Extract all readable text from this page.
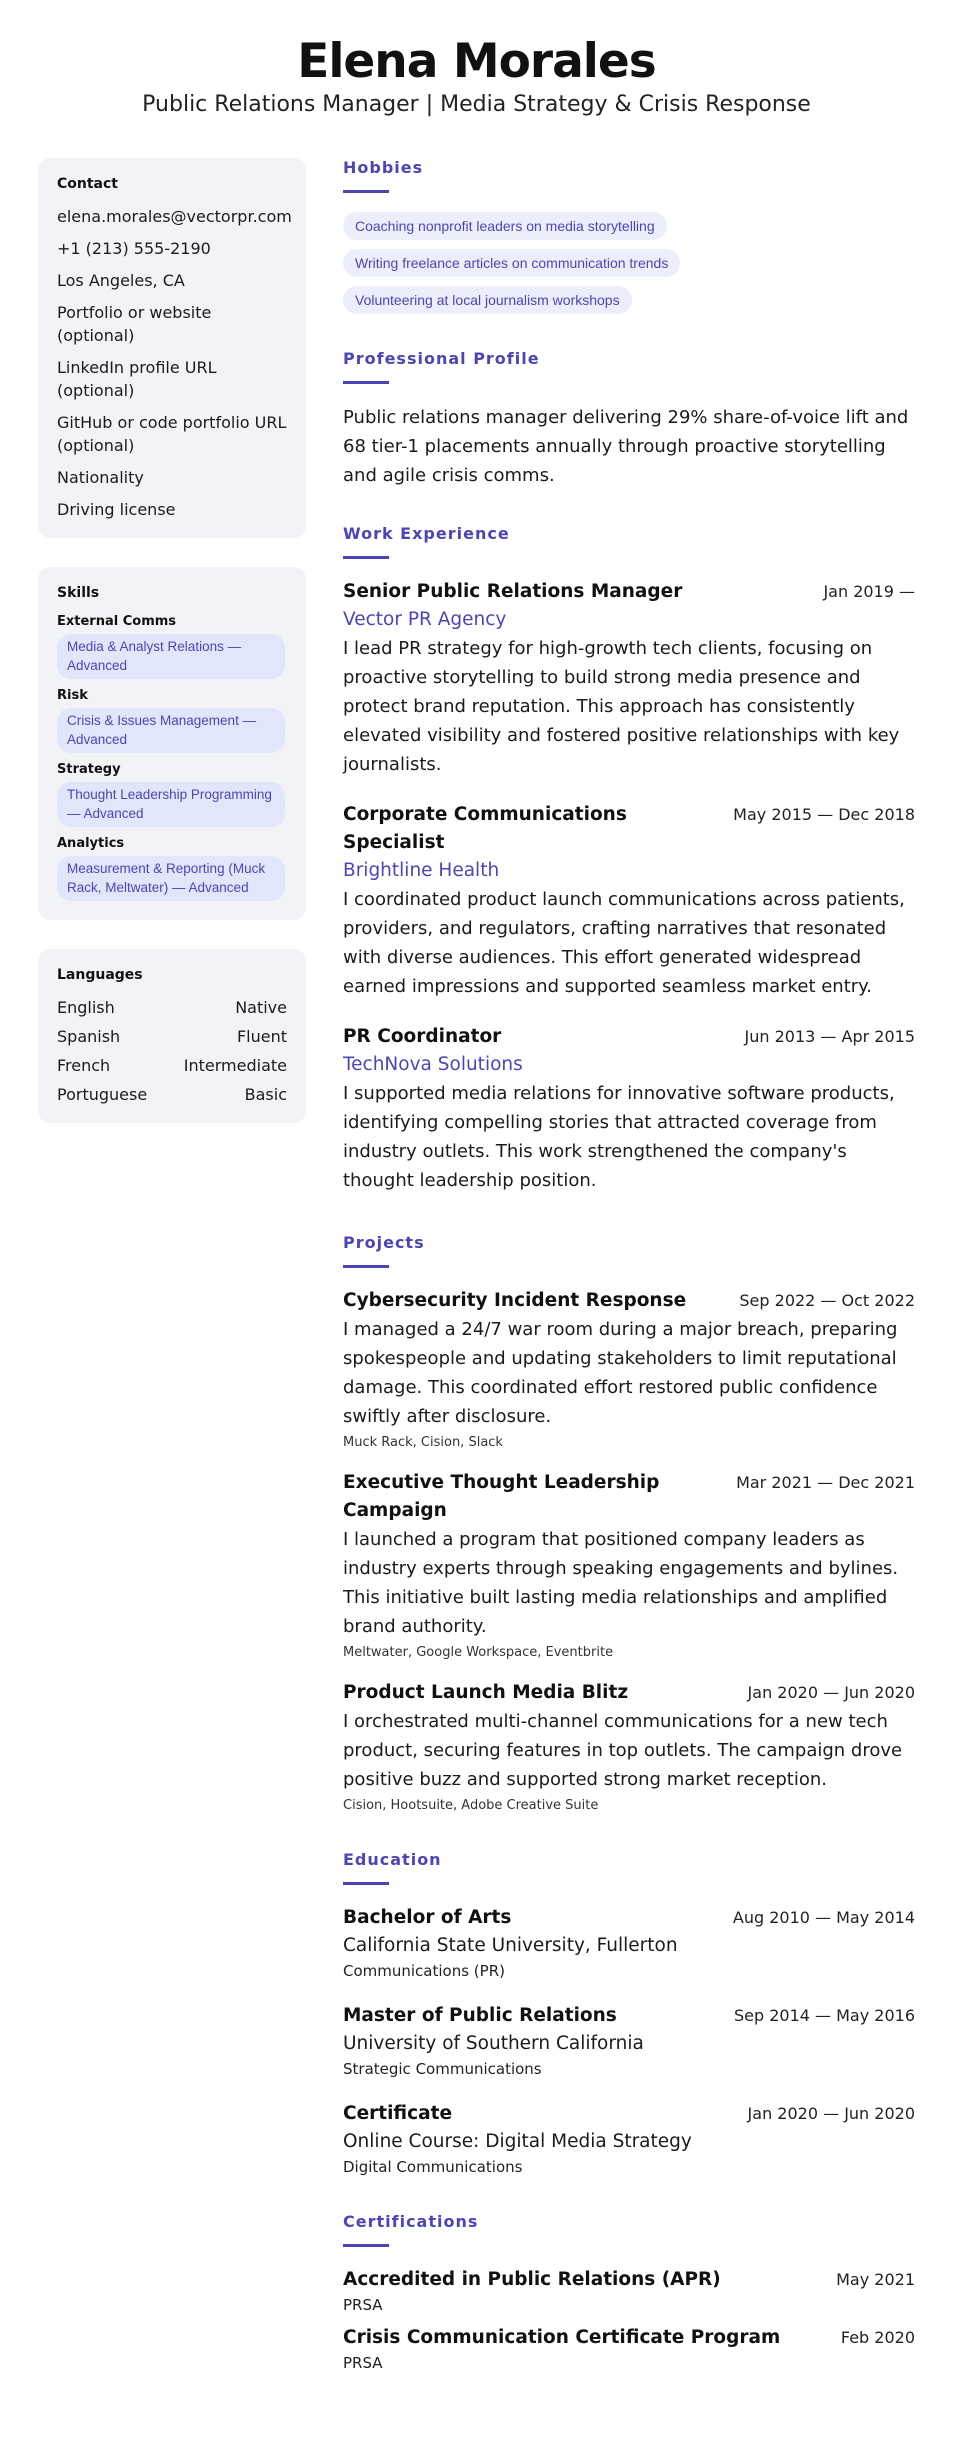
Elena Morales
Public Relations Manager | Media Strategy & Crisis Response
Contact
elena.morales@vectorpr.com
+1 (213) 555-2190
Los Angeles, CA
Portfolio or website (optional)
LinkedIn profile URL (optional)
GitHub or code portfolio URL (optional)
Nationality
Driving license
Skills
External Comms
Media & Analyst Relations — Advanced
Risk
Crisis & Issues Management — Advanced
Strategy
Thought Leadership Programming — Advanced
Analytics
Measurement & Reporting (Muck Rack, Meltwater) — Advanced
Languages
English	Native
Spanish	Fluent
French	Intermediate
Portuguese	Basic
Hobbies
Coaching nonprofit leaders on media storytelling
Writing freelance articles on communication trends
Volunteering at local journalism workshops
Professional Profile
Public relations manager delivering 29% share-of-voice lift and 68 tier-1 placements annually through proactive storytelling and agile crisis comms.
Work Experience
Senior Public Relations Manager	Jan 2019 —
Vector PR Agency
I lead PR strategy for high-growth tech clients, focusing on proactive storytelling to build strong media presence and protect brand reputation. This approach has consistently elevated visibility and fostered positive relationships with key journalists.
Corporate Communications Specialist
May 2015 — Dec 2018
Brightline Health
I coordinated product launch communications across patients, providers, and regulators, crafting narratives that resonated with diverse audiences. This effort generated widespread earned impressions and supported seamless market entry.
PR Coordinator	Jun 2013 — Apr 2015
TechNova Solutions
I supported media relations for innovative software products, identifying compelling stories that attracted coverage from industry outlets. This work strengthened the company's thought leadership position.
Projects
Cybersecurity Incident Response	Sep 2022 — Oct 2022
I managed a 24/7 war room during a major breach, preparing spokespeople and updating stakeholders to limit reputational damage. This coordinated effort restored public confidence swiftly after disclosure.
Muck Rack, Cision, Slack
Executive Thought Leadership Campaign
Mar 2021 — Dec 2021
I launched a program that positioned company leaders as industry experts through speaking engagements and bylines. This initiative built lasting media relationships and amplified brand authority.
Meltwater, Google Workspace, Eventbrite
Product Launch Media Blitz	Jan 2020 — Jun 2020
I orchestrated multi-channel communications for a new tech product, securing features in top outlets. The campaign drove positive buzz and supported strong market reception.
Cision, Hootsuite, Adobe Creative Suite
Education
Bachelor of Arts	Aug 2010 — May 2014
California State University, Fullerton
Communications (PR)
Master of Public Relations	Sep 2014 — May 2016
University of Southern California
Strategic Communications
Certificate	Jan 2020 — Jun 2020
Online Course: Digital Media Strategy
Digital Communications
Certifications
Accredited in Public Relations (APR)	May 2021
PRSA
Crisis Communication Certificate Program	Feb 2020
PRSA
